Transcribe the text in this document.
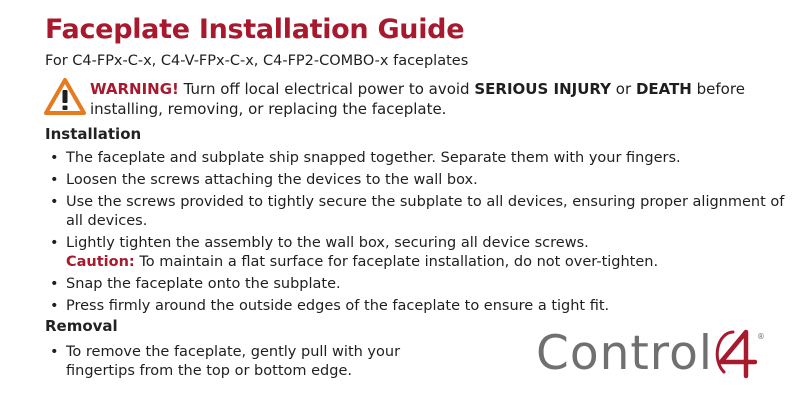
Faceplate Installation Guide
For C4-FPx-C-x, C4-V-FPx-C-x, C4-FP2-COMBO-x faceplates
WARNING! Turn off local electrical power to avoid SERIOUS INJURY or DEATH before installing, removing, or replacing the faceplate.
Installation
• The faceplate and subplate ship snapped together. Separate them with your fingers.
• Loosen the screws attaching the devices to the wall box.
• Use the screws provided to tightly secure the subplate to all devices, ensuring proper alignment of all devices.
• Lightly tighten the assembly to the wall box, securing all device screws.
Caution: To maintain a flat surface for faceplate installation, do not over-tighten.
• Snap the faceplate onto the subplate.
• Press firmly around the outside edges of the faceplate to ensure a tight fit.
Removal
• To remove the faceplate, gently pull with your fingertips from the top or bottom edge.	Control	®
